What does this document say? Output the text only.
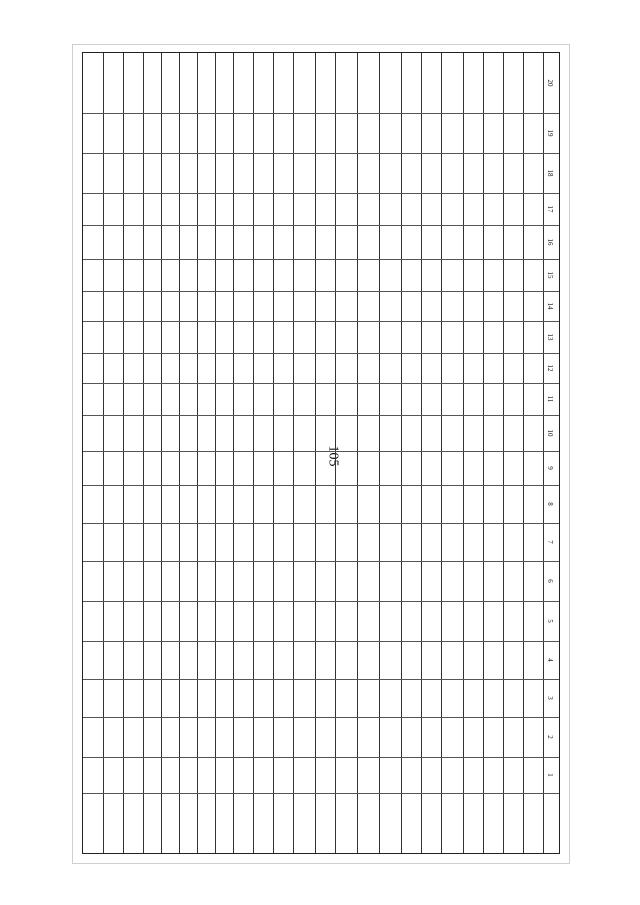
105
20
19
18
17
16
15
14
13
12
11
10
9
8
7
6
5
4
3
2
1
